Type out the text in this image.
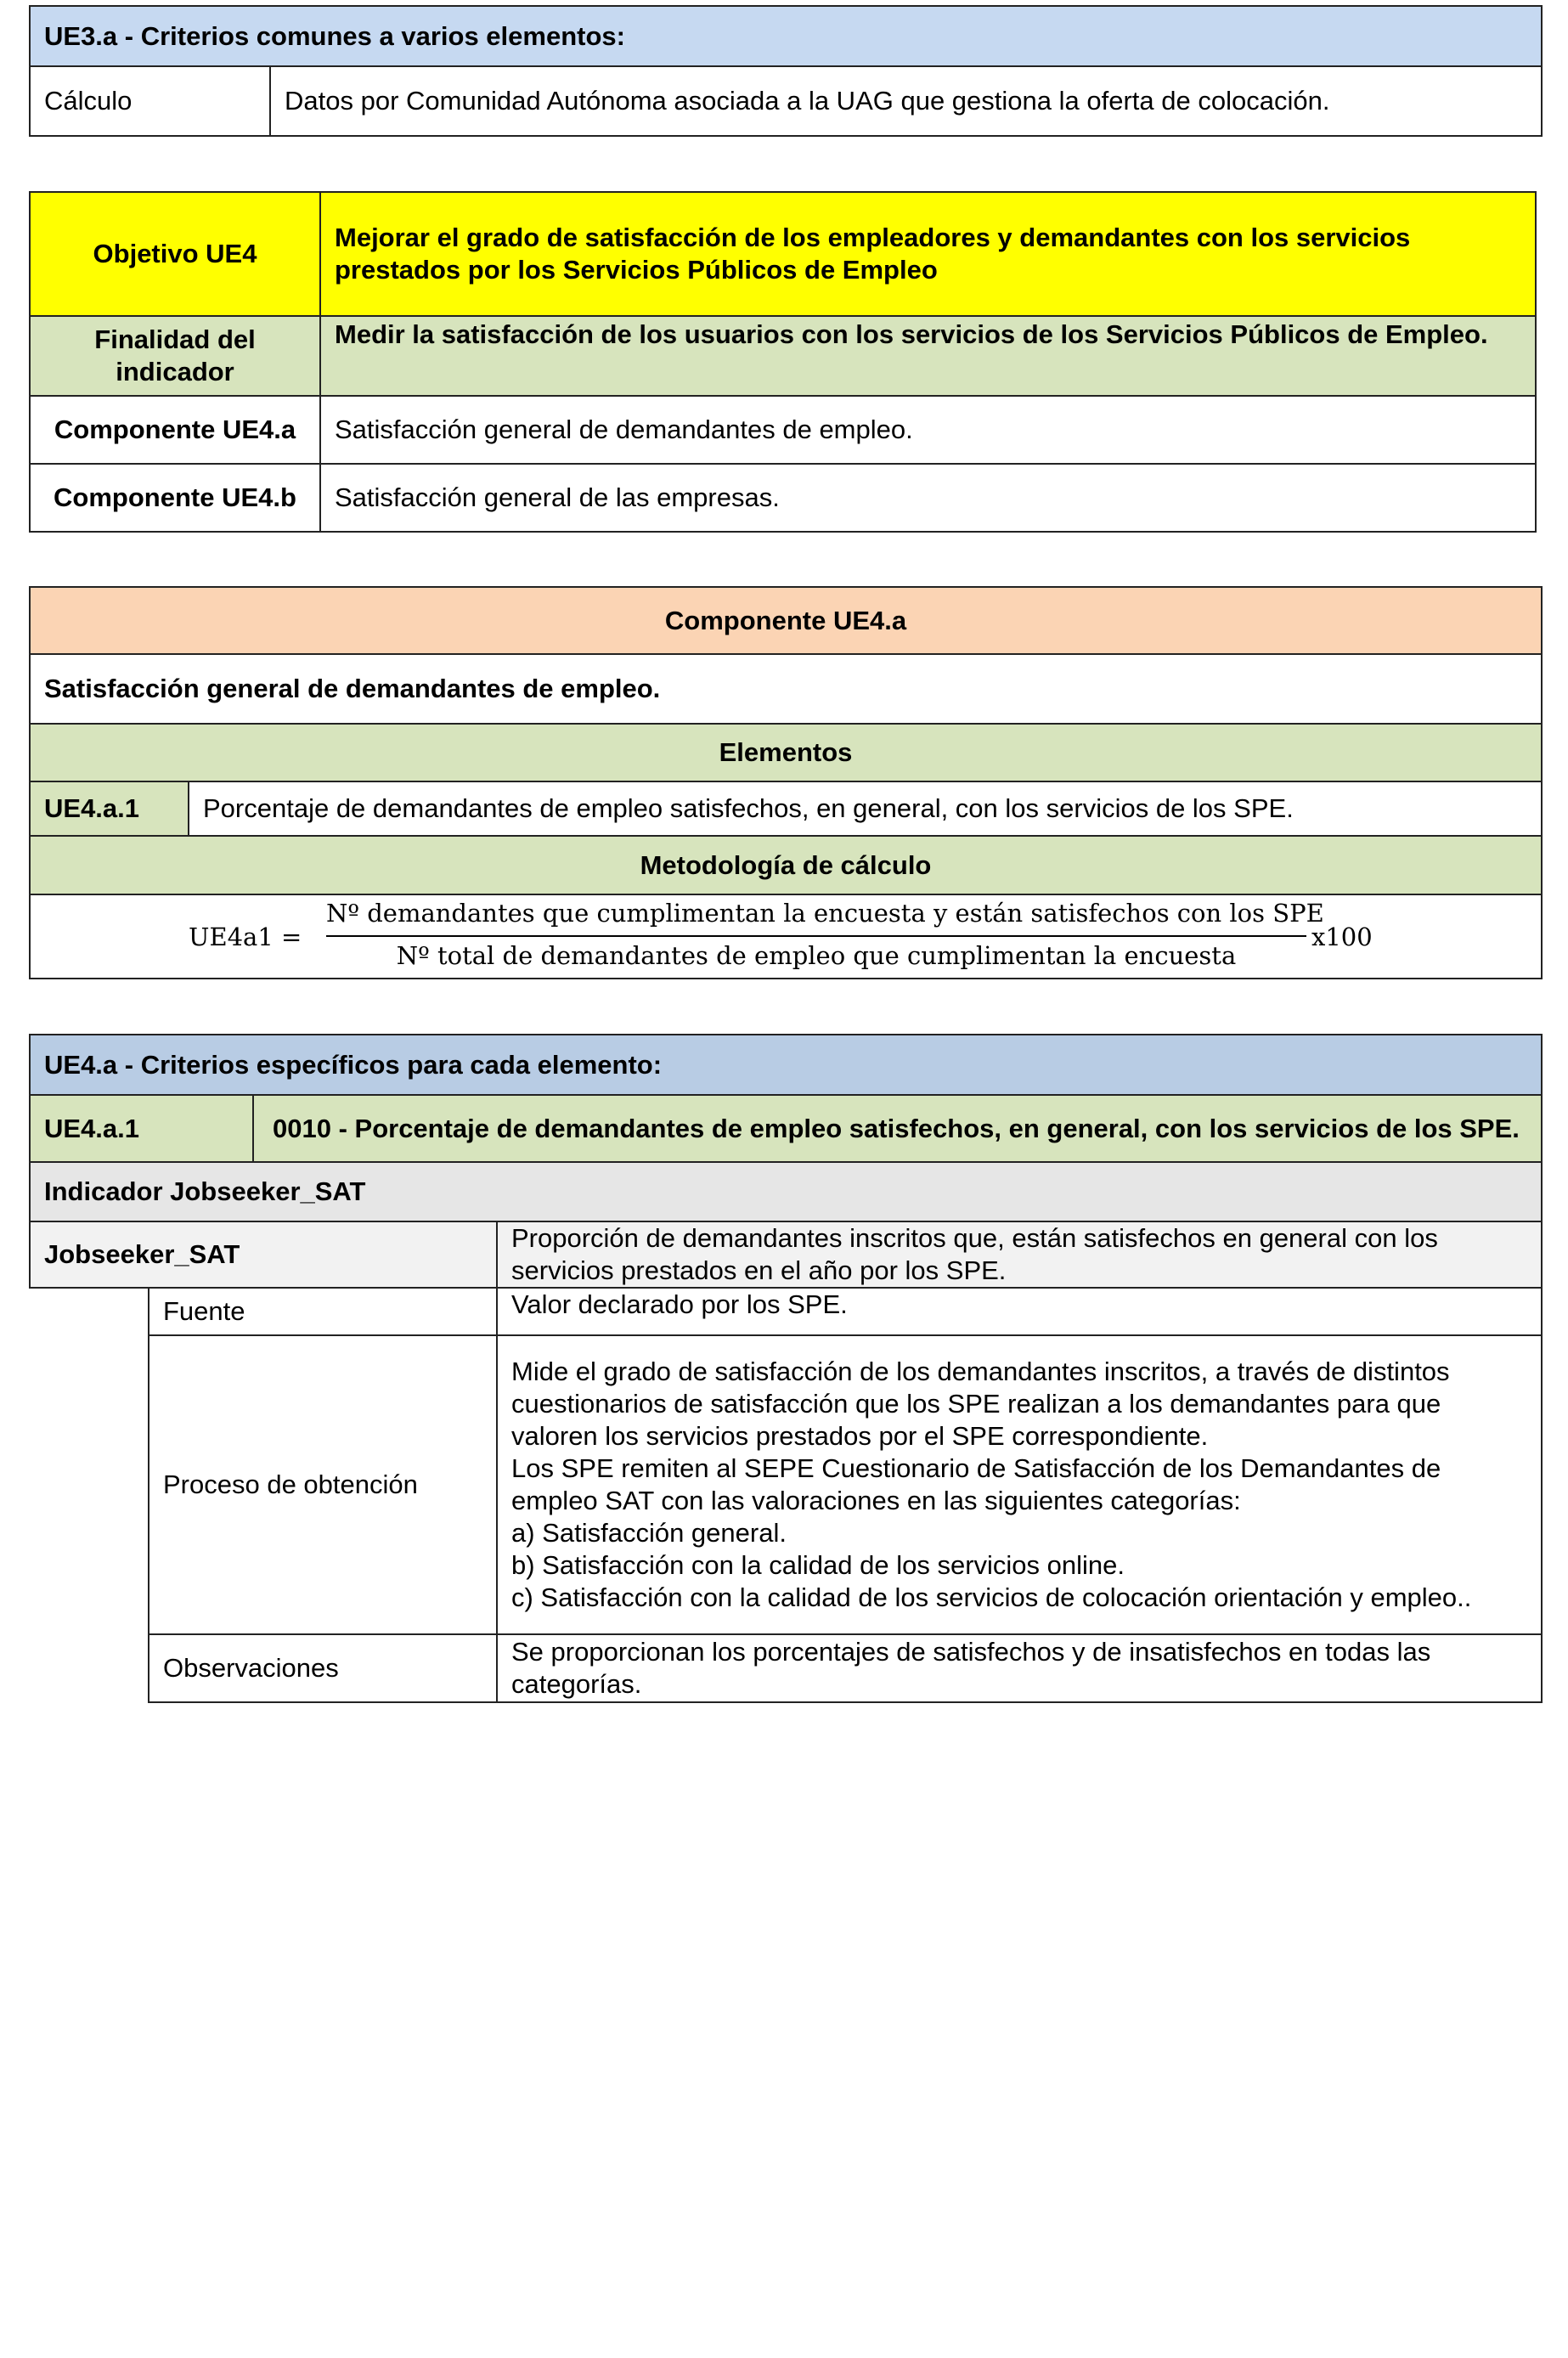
UE3.a - Criterios comunes a varios elementos:
Cálculo	Datos por Comunidad Autónoma asociada a la UAG que gestiona la oferta de colocación.
Objetivo UE4	Mejorar el grado de satisfacción de los empleadores y demandantes con los servicios prestados por los Servicios Públicos de Empleo
Finalidad del indicador	Medir la satisfacción de los usuarios con los servicios de los Servicios Públicos de Empleo.
Componente UE4.a	Satisfacción general de demandantes de empleo.
Componente UE4.b	Satisfacción general de las empresas.
Componente UE4.a
Satisfacción general de demandantes de empleo.
Elementos
UE4.a.1	Porcentaje de demandantes de empleo satisfechos, en general, con los servicios de los SPE.
Metodología de cálculo

UE4a1 =
Nº demandantes que cumplimentan la encuesta y están satisfechos con los SPE
Nº total de demandantes de empleo que cumplimentan la encuesta
x100
UE4.a - Criterios específicos para cada elemento:			
UE4.a.1		0010 - Porcentaje de demandantes de empleo satisfechos, en general, con los servicios de los SPE.	
Indicador Jobseeker_SAT			
Jobseeker_SAT			Proporción de demandantes inscritos que, están satisfechos en general con los servicios prestados en el año por los SPE.
	Fuente		Valor declarado por los SPE.
	Proceso de obtención		Mide el grado de satisfacción de los demandantes inscritos, a través de distintos cuestionarios de satisfacción que los SPE realizan a los demandantes para que valoren los servicios prestados por el SPE correspondiente.
Los SPE remiten al SEPE Cuestionario de Satisfacción de los Demandantes de empleo SAT con las valoraciones en las siguientes categorías:
a) Satisfacción general.
b) Satisfacción con la calidad de los servicios online.
c) Satisfacción con la calidad de los servicios de colocación orientación y empleo..

	Observaciones		Se proporcionan los porcentajes de satisfechos y de insatisfechos en todas las categorías.
